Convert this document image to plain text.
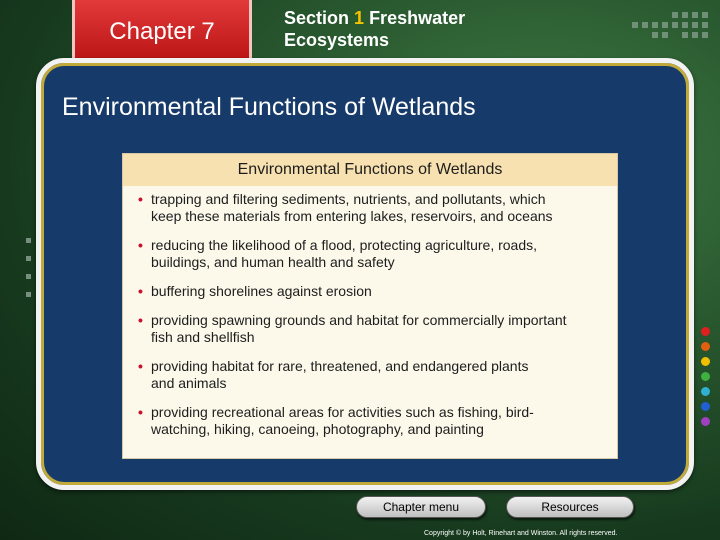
Chapter 7	Section 1 Freshwater
Ecosystems
Environmental Functions of Wetlands
Environmental Functions of Wetlands
• trapping and filtering sediments, nutrients, and pollutants, which
keep these materials from entering lakes, reservoirs, and oceans
• reducing the likelihood of a flood, protecting agriculture, roads,
buildings, and human health and safety
• buffering shorelines against erosion
• providing spawning grounds and habitat for commercially important
fish and shellfish
• providing habitat for rare, threatened, and endangered plants
and animals
• providing recreational areas for activities such as fishing, bird-
watching, hiking, canoeing, photography, and painting
Chapter menu	Resources
Copyright © by Holt, Rinehart and Winston. All rights reserved.
